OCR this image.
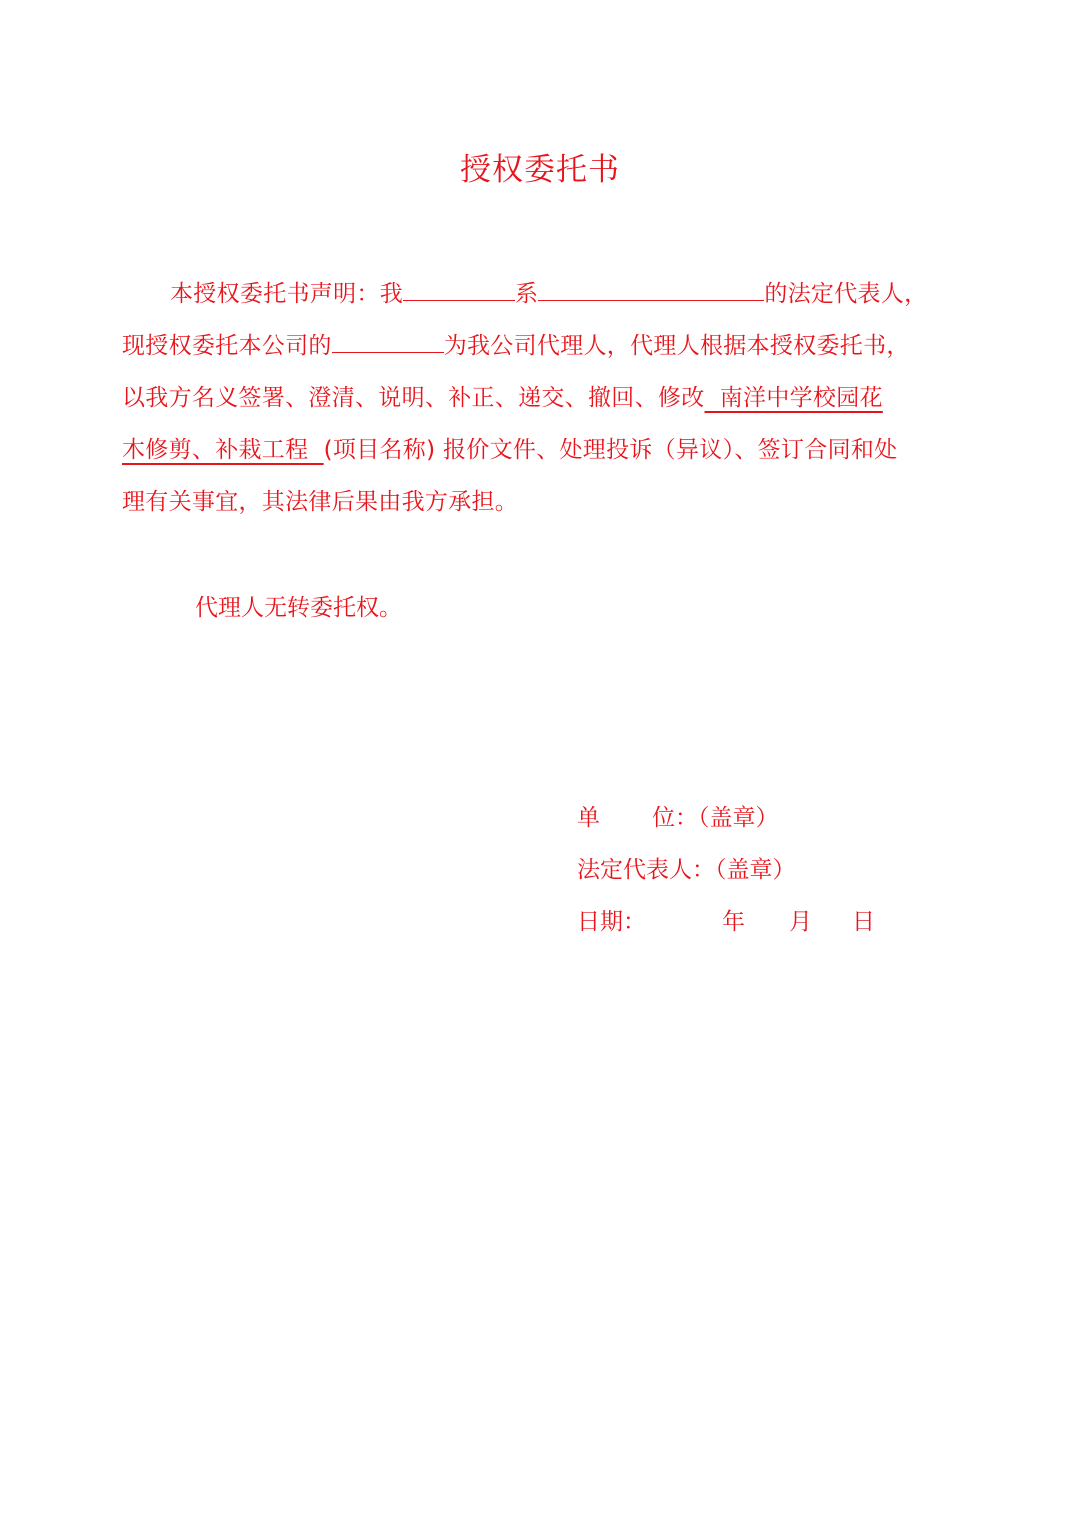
授权委托书
本授权委托书声明：我	系	的法定代表人，
现授权委托本公司的	为我公司代理人，代理人根据本授权委托书，
以我方名义签署、澄清、说明、补正、递交、撤回、修改  南洋中学校园花
木修剪、补栽工程  (项目名称) 报价文件、处理投诉（异议）、签订合同和处
理有关事宜，其法律后果由我方承担。
代理人无转委托权。
单 位：（盖章）
法定代表人：（盖章）
日期：	年 月 日
